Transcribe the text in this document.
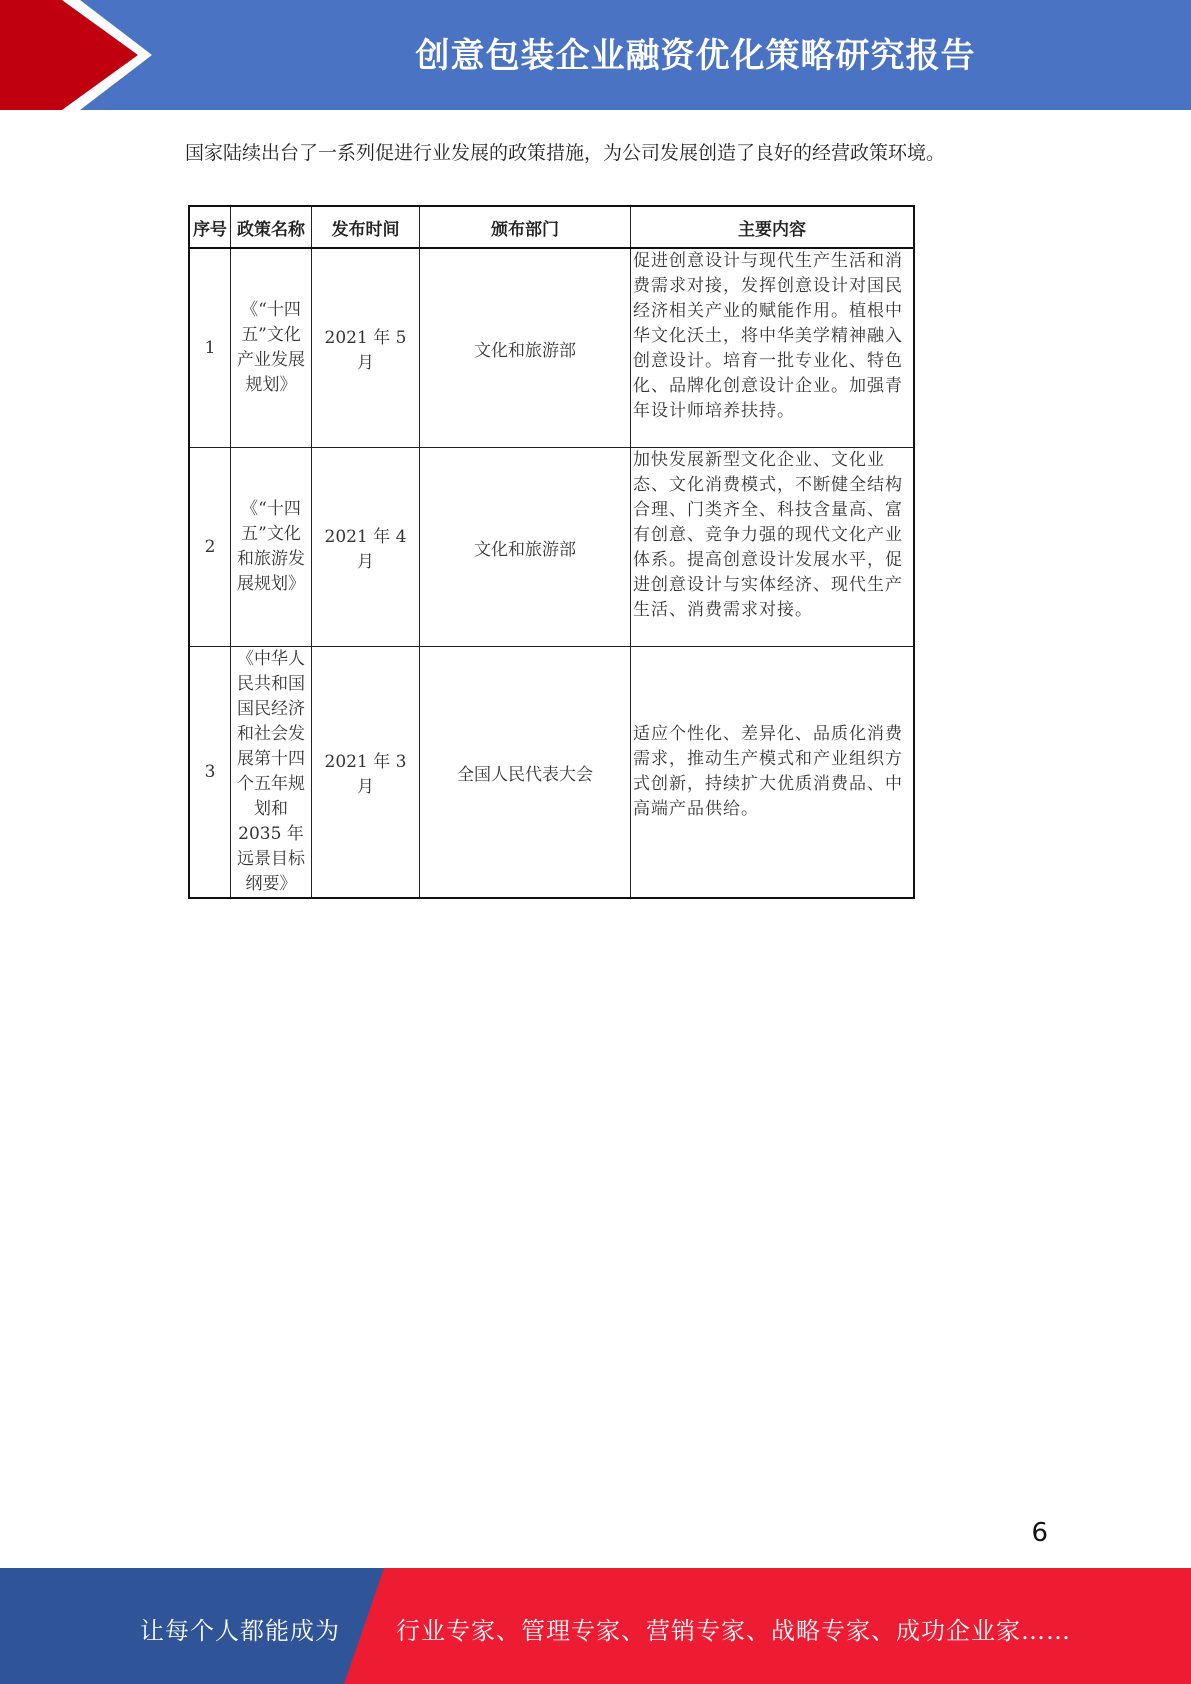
创意包装企业融资优化策略研究报告
国家陆续出台了一系列促进行业发展的政策措施，为公司发展创造了良好的经营政策环境。
序号	政策名称	发布时间	颁布部门	主要内容
1	《“十四五”文化产业发展规划》	2021 年 5 月	文化和旅游部	促进创意设计与现代生产生活和消费需求对接，发挥创意设计对国民经济相关产业的赋能作用。植根中华文化沃土，将中华美学精神融入创意设计。培育一批专业化、特色化、品牌化创意设计企业。加强青年设计师培养扶持。
2	《“十四五”文化和旅游发展规划》	2021 年 4 月	文化和旅游部	加快发展新型文化企业、文化业态、文化消费模式，不断健全结构合理、门类齐全、科技含量高、富有创意、竞争力强的现代文化产业体系。提高创意设计发展水平，促进创意设计与实体经济、现代生产生活、消费需求对接。
3	《中华人民共和国国民经济和社会发展第十四个五年规划和 2035 年远景目标纲要》	2021 年 3 月	全国人民代表大会	适应个性化、差异化、品质化消费需求，推动生产模式和产业组织方式创新，持续扩大优质消费品、中高端产品供给。
6
让每个人都能成为 行业专家、管理专家、营销专家、战略专家、成功企业家……
